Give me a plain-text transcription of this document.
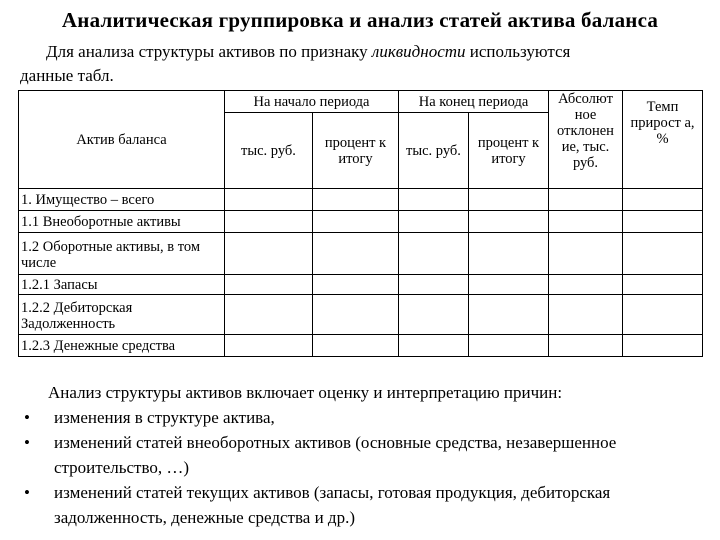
Аналитическая группировка и анализ статей актива баланса
Для анализа структуры активов по признаку ликвидности используются
данные табл.
Актив баланса	На начало периода		На конец периода		Абсолют ное отклонен ие, тыс. руб.	Темп прирост а, %
	тыс. руб.	процент к итогу	тыс. руб.	процент к итогу		
1. Имущество – всего						
1.1 Внеоборотные активы						
1.2 Оборотные активы, в том числе						
1.2.1 Запасы						
1.2.2 Дебиторская Задолженность						
1.2.3 Денежные средства						
Анализ структуры активов включает оценку и интерпретацию причин:
• изменения в структуре актива,
• изменений статей внеоборотных активов (основные средства, незавершенное строительство, …)
• изменений статей текущих активов (запасы, готовая продукция, дебиторская задолженность, денежные средства и др.)
